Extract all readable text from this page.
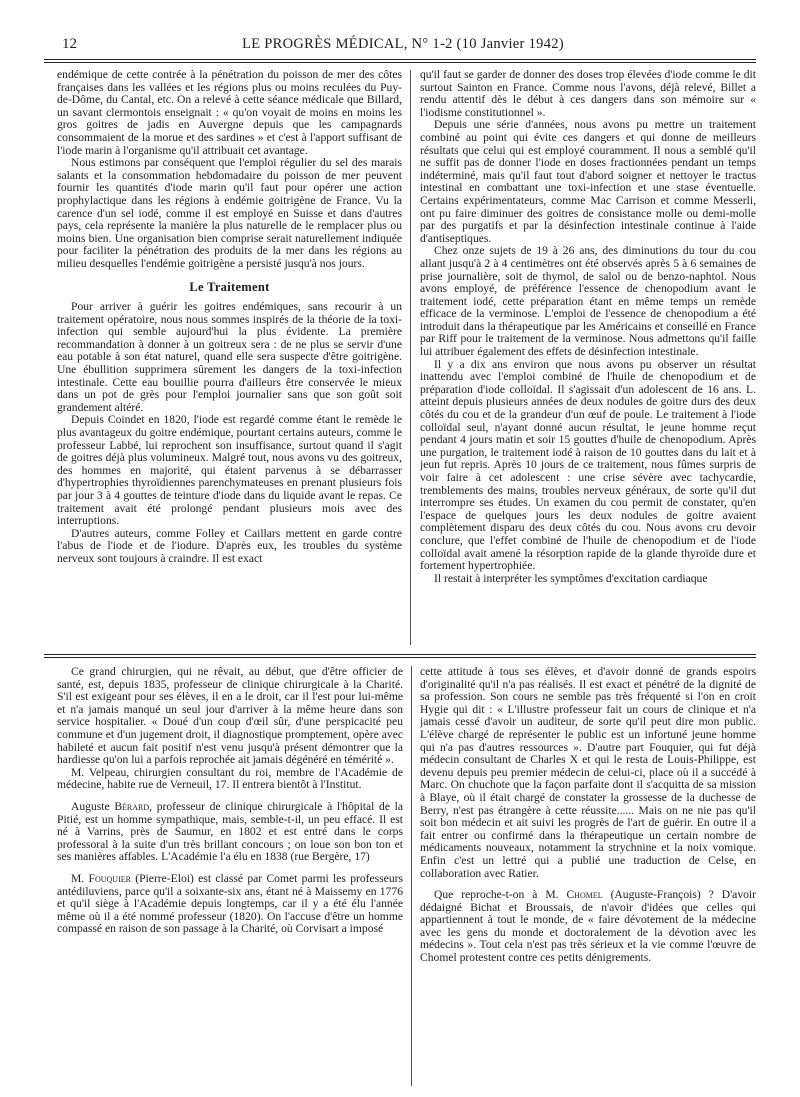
12	LE PROGRÈS MÉDICAL, N° 1-2 (10 Janvier 1942)

endémique de cette contrée à la pénétration du poisson de mer des côtes françaises dans les vallées et les régions plus ou moins reculées du Puy-de-Dôme, du Cantal, etc. On a relevé à cette séance médicale que Billard, un savant clermontois enseignait : « qu'on voyait de moins en moins les gros goitres de jadis en Auvergne depuis que les campagnards consommaient de la morue et des sardines » et c'est à l'apport suffisant de l'iode marin à l'organisme qu'il attribuait cet avantage.

Nous estimons par conséquent que l'emploi régulier du sel des marais salants et la consommation hebdomadaire du poisson de mer peuvent fournir les quantités d'iode marin qu'il faut pour opérer une action prophylactique dans les régions à endémie goitrigène de France. Vu la carence d'un sel iodé, comme il est employé en Suisse et dans d'autres pays, cela représente la manière la plus naturelle de le remplacer plus ou moins bien. Une organisation bien comprise serait naturellement indiquée pour faciliter la pénétration des produits de la mer dans les régions au milieu desquelles l'endémie goitrigène a persisté jusqu'à nos jours.

Le Traitement

Pour arriver à guérir les goitres endémiques, sans recourir à un traitement opératoire, nous nous sommes inspirés de la théorie de la toxi-infection qui semble aujourd'hui la plus évidente. La première recommandation à donner à un goitreux sera : de ne plus se servir d'une eau potable à son état naturel, quand elle sera suspecte d'être goitrigène. Une ébullition supprimera sûrement les dangers de la toxi-infection intestinale. Cette eau bouillie pourra d'ailleurs être conservée le mieux dans un pot de grès pour l'emploi journalier sans que son goût soit grandement altéré.

Depuis Coindet en 1820, l'iode est regardé comme étant le remède le plus avantageux du goitre endémique, pourtant certains auteurs, comme le professeur Labbé, lui reprochent son insuffisance, surtout quand il s'agit de goitres déjà plus volumineux. Malgré tout, nous avons vu des goitreux, des hommes en majorité, qui étaient parvenus à se débarrasser d'hypertrophies thyroïdiennes parenchymateuses en prenant plusieurs fois par jour 3 à 4 gouttes de teinture d'iode dans du liquide avant le repas. Ce traitement avait été prolongé pendant plusieurs mois avec des interruptions.

D'autres auteurs, comme Folley et Caillars mettent en garde contre l'abus de l'iode et de l'iodure. D'après eux, les troubles du système nerveux sont toujours à craindre. Il est exact

qu'il faut se garder de donner des doses trop élevées d'iode comme le dit surtout Sainton en France. Comme nous l'avons, déjà relevé, Billet a rendu attentif dès le début à ces dangers dans son mémoire sur « l'iodisme constitutionnel ».

Depuis une série d'années, nous avons pu mettre un traitement combiné au point qui évite ces dangers et qui donne de meilleurs résultats que celui qui est employé couramment. Il nous a semblé qu'il ne suffit pas de donner l'iode en doses fractionnées pendant un temps indéterminé, mais qu'il faut tout d'abord soigner et nettoyer le tractus intestinal en combattant une toxi-infection et une stase éventuelle. Certains expérimentateurs, comme Mac Carrison et comme Messerli, ont pu faire diminuer des goitres de consistance molle ou demi-molle par des purgatifs et par la désinfection intestinale continue à l'aide d'antiseptiques.

Chez onze sujets de 19 à 26 ans, des diminutions du tour du cou allant jusqu'à 2 à 4 centimètres ont été observés après 5 à 6 semaines de prise journalière, soit de thymol, de salol ou de benzo-naphtol. Nous avons employé, de préférence l'essence de chenopodium avant le traitement iodé, cette préparation étant en même temps un remède efficace de la verminose. L'emploi de l'essence de chenopodium a été introduit dans la thérapeutique par les Américains et conseillé en France par Riff pour le traitement de la verminose. Nous admettons qu'il faille lui attribuer également des effets de désinfection intestinale.

Il y a dix ans environ que nous avons pu observer un résultat inattendu avec l'emploi combiné de l'huile de chenopodium et de préparation d'iode colloïdal. Il s'agissait d'un adolescent de 16 ans. L. atteint depuis plusieurs années de deux nodules de goitre durs des deux côtés du cou et de la grandeur d'un œuf de poule. Le traitement à l'iode colloïdal seul, n'ayant donné aucun résultat, le jeune homme reçut pendant 4 jours matin et soir 15 gouttes d'huile de chenopodium. Après une purgation, le traitement iodé à raison de 10 gouttes dans du lait et à jeun fut repris. Après 10 jours de ce traitement, nous fûmes surpris de voir faire à cet adolescent : une crise sévère avec tachycardie, tremblements des mains, troubles nerveux généraux, de sorte qu'il dut interrompre ses études. Un examen du cou permit de constater, qu'en l'espace de quelques jours les deux nodules de goitre avaient complètement disparu des deux côtés du cou. Nous avons cru devoir conclure, que l'effet combiné de l'huile de chenopodium et de l'iode colloïdal avait amené la résorption rapide de la glande thyroïde dure et fortement hypertrophiée.

Il restait à interpréter les symptômes d'excitation cardiaque

Ce grand chirurgien, qui ne rêvait, au début, que d'être officier de santé, est, depuis 1835, professeur de clinique chirurgicale à la Charité. S'il est exigeant pour ses élèves, il en a le droit, car il l'est pour lui-même et n'a jamais manqué un seul jour d'arriver à la même heure dans son service hospitalier. « Doué d'un coup d'œil sûr, d'une perspicacité peu commune et d'un jugement droit, il diagnostique promptement, opère avec habileté et aucun fait positif n'est venu jusqu'à présent démontrer que la hardiesse qu'on lui a parfois reprochée ait jamais dégénéré en témérité ».

M. Velpeau, chirurgien consultant du roi, membre de l'Académie de médecine, habite rue de Verneuil, 17. Il entrera bientôt à l'Institut.

Auguste Bérard, professeur de clinique chirurgicale à l'hôpital de la Pitié, est un homme sympathique, mais, semble-t-il, un peu effacé. Il est né à Varrins, près de Saumur, en 1802 et est entré dans le corps professoral à la suite d'un très brillant concours ; on loue son bon ton et ses manières affables. L'Académie l'a élu en 1838 (rue Bergère, 17)

M. Fouquier (Pierre-Eloi) est classé par Comet parmi les professeurs antédiluviens, parce qu'il a soixante-six ans, étant né à Maissemy en 1776 et qu'il siège à l'Académie depuis longtemps, car il y a été élu l'année même où il a été nommé professeur (1820). On l'accuse d'être un homme compassé en raison de son passage à la Charité, où Corvisart a imposé

cette attitude à tous ses élèves, et d'avoir donné de grands espoirs d'originalité qu'il n'a pas réalisés. Il est exact et pénétré de la dignité de sa profession. Son cours ne semble pas très fréquenté si l'on en croit Hygie qui dit : « L'illustre professeur fait un cours de clinique et n'a jamais cessé d'avoir un auditeur, de sorte qu'il peut dire mon public. L'élève chargé de représenter le public est un infortuné jeune homme qui n'a pas d'autres ressources ». D'autre part Fouquier, qui fut déjà médecin consultant de Charles X et qui le resta de Louis-Philippe, est devenu depuis peu premier médecin de celui-ci, place où il a succédé à Marc. On chuchote que la façon parfaite dont il s'acquitta de sa mission à Blaye, où il était chargé de constater la grossesse de la duchesse de Berry, n'est pas étrangère à cette réussite...... Mais on ne nie pas qu'il soit bon médecin et ait suivi les progrès de l'art de guérir. En outre il a fait entrer ou confirmé dans la thérapeutique un certain nombre de médicaments nouveaux, notamment la strychnine et la noix vomique. Enfin c'est un lettré qui a publié une traduction de Celse, en collaboration avec Ratier.

Que reproche-t-on à M. Chomel (Auguste-François) ? D'avoir dédaigné Bichat et Broussais, de n'avoir d'idées que celles qui appartiennent à tout le monde, de « faire dévotement de la médecine avec les gens du monde et doctoralement de la dévotion avec les médecins ». Tout cela n'est pas très sérieux et la vie comme l'œuvre de Chomel protestent contre ces petits dénigrements.
